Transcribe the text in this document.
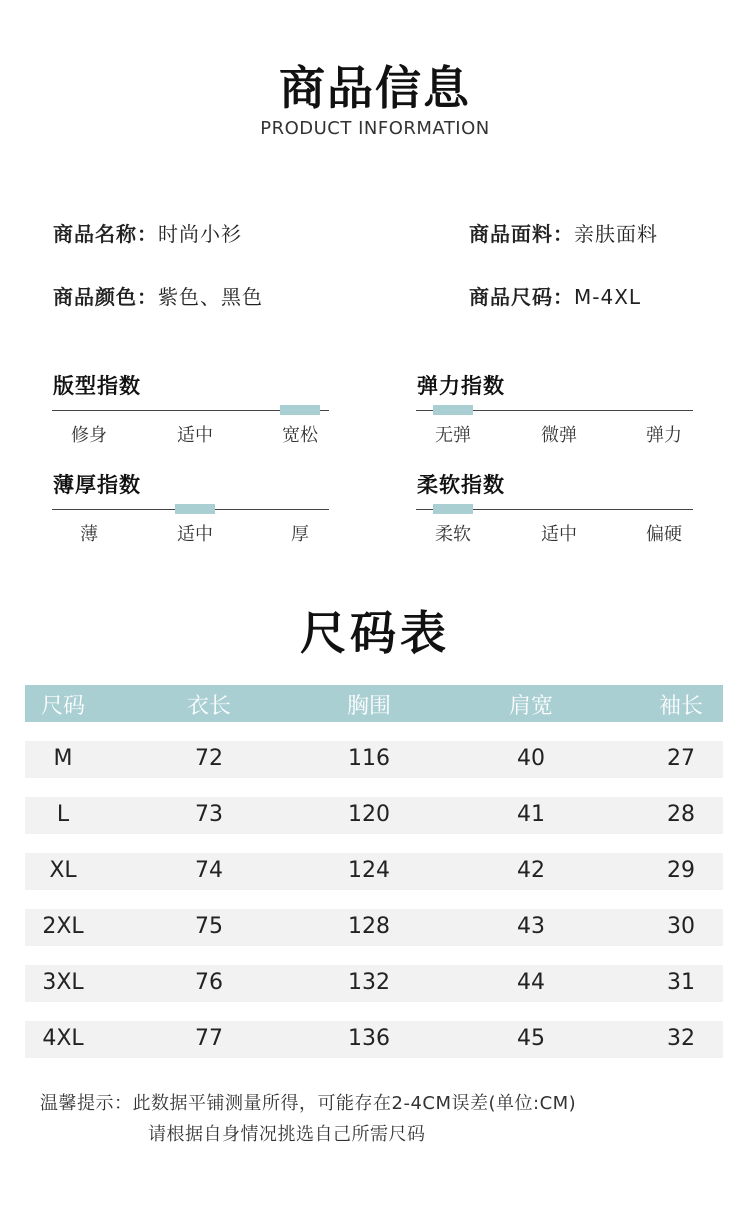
商品信息
PRODUCT INFORMATION
商品名称：时尚小衫	商品面料：亲肤面料
商品颜色：紫色、黑色	商品尺码：M-4XL
版型指数
修身	适中	宽松
弹力指数
无弹	微弹	弹力
薄厚指数
薄	适中	厚
柔软指数
柔软	适中	偏硬
尺码表
尺码	衣长	胸围	肩宽	袖长
M	72	116	40	27
L	73	120	41	28
XL	74	124	42	29
2XL	75	128	43	30
3XL	76	132	44	31
4XL	77	136	45	32
温馨提示：此数据平铺测量所得，可能存在2-4CM误差(单位:CM)
请根据自身情况挑选自己所需尺码
